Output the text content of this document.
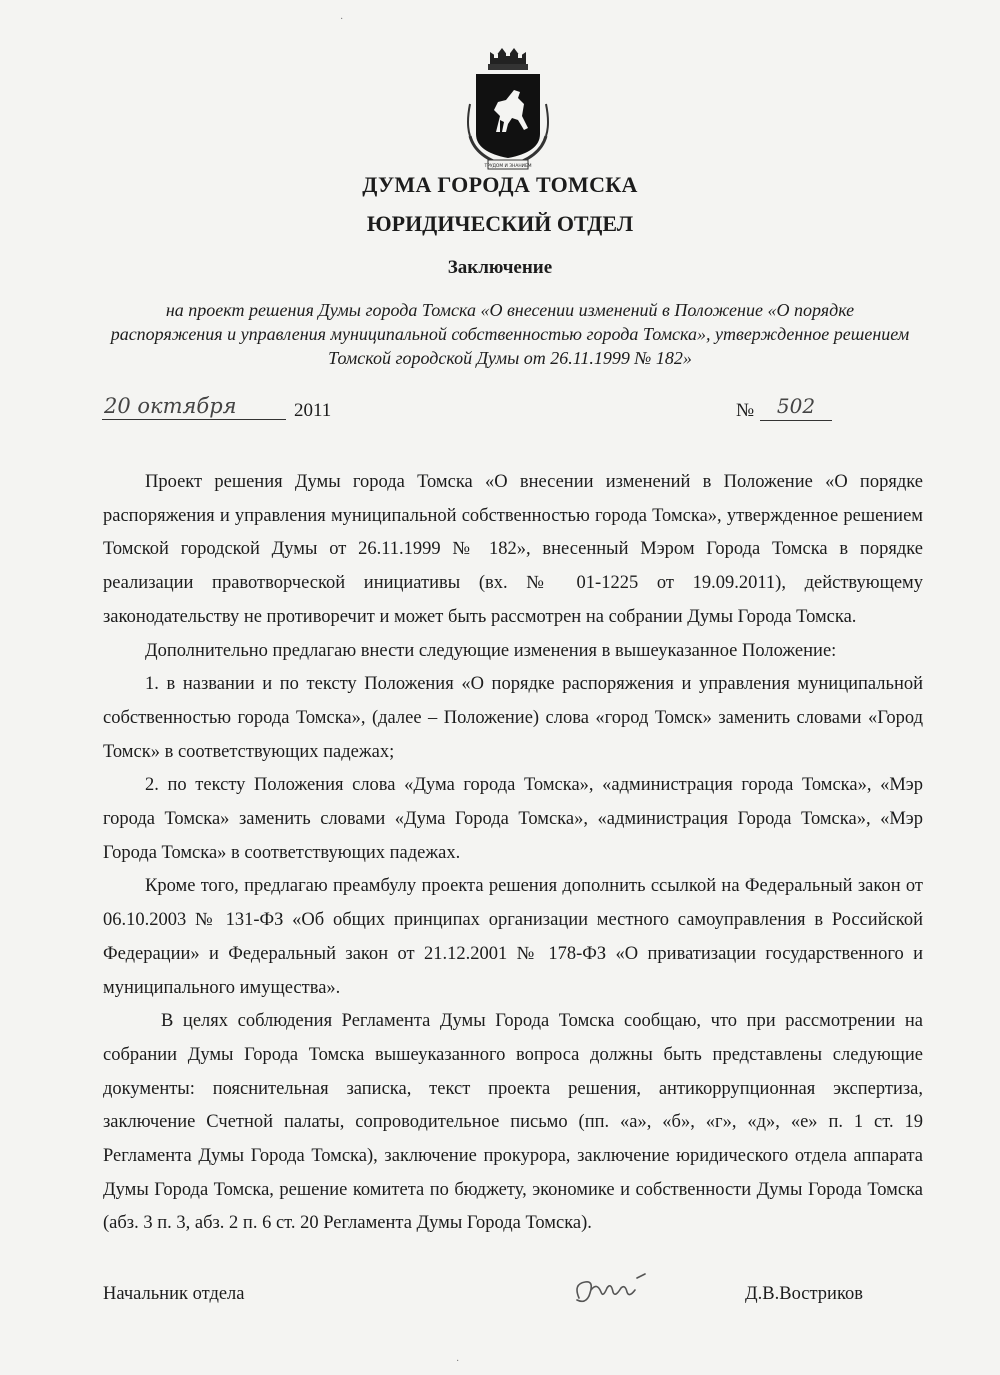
ТРУДОМ И ЗНАНИЕМ
ДУМА ГОРОДА ТОМСКА
ЮРИДИЧЕСКИЙ ОТДЕЛ
Заключение
на проект решения Думы города Томска «О внесении изменений в Положение «О порядке распоряжения и управления муниципальной собственностью города Томска», утвержденное решением Томской городской Думы от 26.11.1999 № 182»
20 октября	2011	№	502

Проект решения Думы города Томска «О внесении изменений в Положение «О порядке распоряжения и управления муниципальной собственностью города Томска», утвержденное решением Томской городской Думы от 26.11.1999 № 182», внесенный Мэром Города Томска в порядке реализации правотворческой инициативы (вх. № 01-1225 от 19.09.2011), действующему законодательству не противоречит и может быть рассмотрен на собрании Думы Города Томска.

Дополнительно предлагаю внести следующие изменения в вышеуказанное Положение:

1. в названии и по тексту Положения «О порядке распоряжения и управления муниципальной собственностью города Томска», (далее – Положение) слова «город Томск» заменить словами «Город Томск» в соответствующих падежах;

2. по тексту Положения слова «Дума города Томска», «администрация города Томска», «Мэр города Томска» заменить словами «Дума Города Томска», «администрация Города Томска», «Мэр Города Томска» в соответствующих падежах.

Кроме того, предлагаю преамбулу проекта решения дополнить ссылкой на Федеральный закон от 06.10.2003 № 131-ФЗ «Об общих принципах организации местного самоуправления в Российской Федерации» и Федеральный закон от 21.12.2001 № 178-ФЗ «О приватизации государственного и муниципального имущества».

В целях соблюдения Регламента Думы Города Томска сообщаю, что при рассмотрении на собрании Думы Города Томска вышеуказанного вопроса должны быть представлены следующие документы: пояснительная записка, текст проекта решения, антикоррупционная экспертиза, заключение Счетной палаты, сопроводительное письмо (пп. «а», «б», «г», «д», «е» п. 1 ст. 19 Регламента Думы Города Томска), заключение прокурора, заключение юридического отдела аппарата Думы Города Томска, решение комитета по бюджету, экономике и собственности Думы Города Томска (абз. 3 п. 3, абз. 2 п. 6 ст. 20 Регламента Думы Города Томска).

Начальник отдела	Д.В.Востриков
·
·
